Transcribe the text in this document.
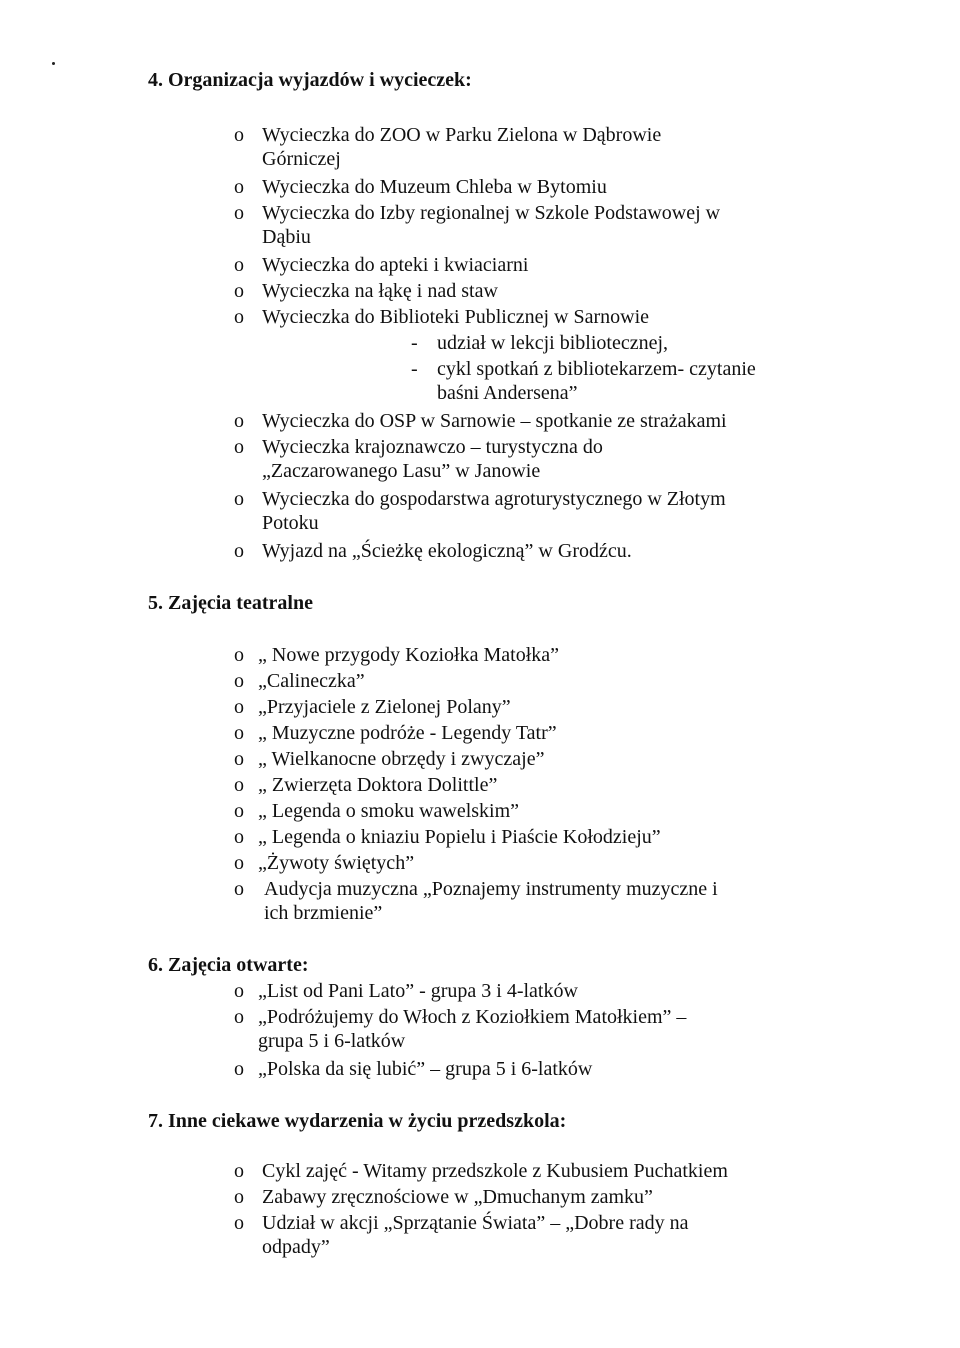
4. Organizacja wyjazdów i wycieczek:
o Wycieczka do ZOO w Parku Zielona w Dąbrowie
Górniczej
o Wycieczka do Muzeum Chleba w Bytomiu
o Wycieczka do Izby regionalnej w Szkole Podstawowej w
Dąbiu
o Wycieczka do apteki i kwiaciarni
o Wycieczka na łąkę i nad staw
o Wycieczka do Biblioteki Publicznej w Sarnowie
- udział w lekcji bibliotecznej,
- cykl spotkań z bibliotekarzem- czytanie
baśni Andersena”
o Wycieczka do OSP w Sarnowie – spotkanie ze strażakami
o Wycieczka krajoznawczo – turystyczna do
„Zaczarowanego Lasu” w Janowie
o Wycieczka do gospodarstwa agroturystycznego w Złotym
Potoku
o Wyjazd na „Ścieżkę ekologiczną” w Grodźcu.
5. Zajęcia teatralne
o „ Nowe przygody Koziołka Matołka”
o „Calineczka”
o „Przyjaciele z Zielonej Polany”
o „ Muzyczne podróże - Legendy Tatr”
o „ Wielkanocne obrzędy i zwyczaje”
o „ Zwierzęta Doktora Dolittle”
o „ Legenda o smoku wawelskim”
o „ Legenda o kniaziu Popielu i Piaście Kołodzieju”
o „Żywoty świętych”
o Audycja muzyczna „Poznajemy instrumenty muzyczne i
ich brzmienie”
6. Zajęcia otwarte:
o „List od Pani Lato” - grupa 3 i 4-latków
o „Podróżujemy do Włoch z Koziołkiem Matołkiem” –
grupa 5 i 6-latków
o „Polska da się lubić” – grupa 5 i 6-latków
7. Inne ciekawe wydarzenia w życiu przedszkola:
o Cykl zajęć - Witamy przedszkole z Kubusiem Puchatkiem
o Zabawy zręcznościowe w „Dmuchanym zamku”
o Udział w akcji „Sprzątanie Świata” – „Dobre rady na
odpady”
